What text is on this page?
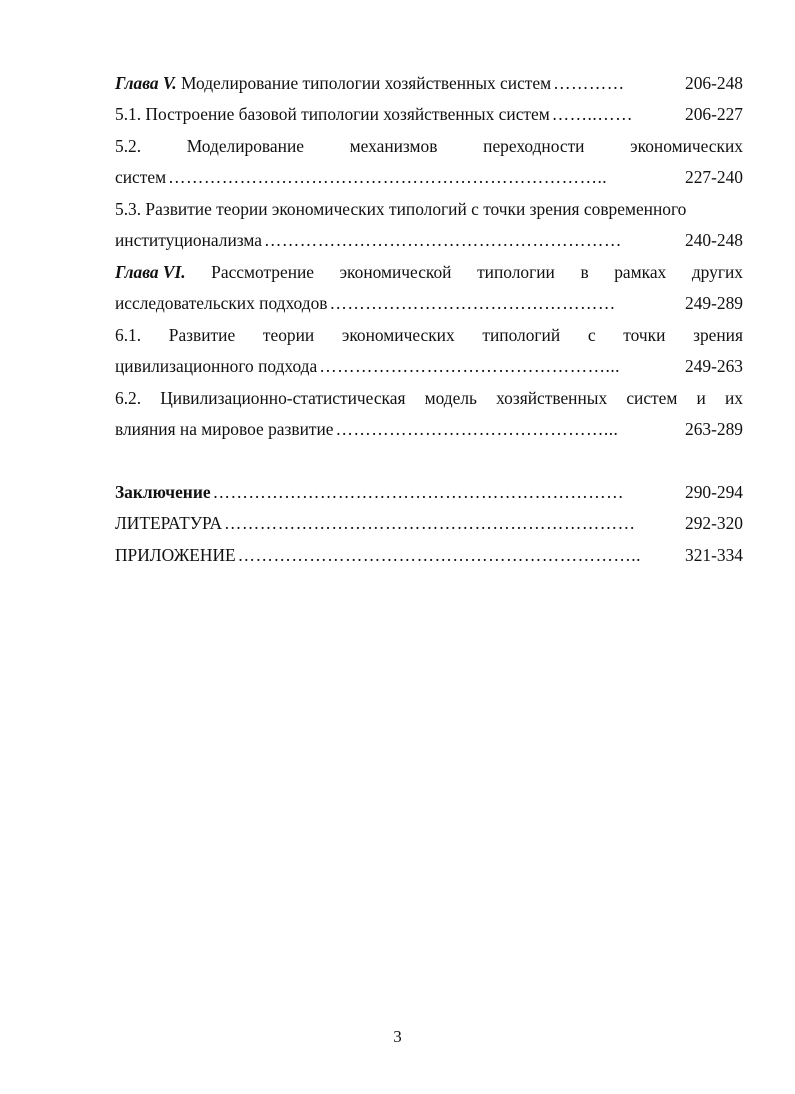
Глава V. Моделирование типологии хозяйственных систем …………	206-248
5.1. Построение базовой типологии хозяйственных систем ……..……	206-227
5.2.	Моделирование	механизмов	переходности	экономических
систем ………………………………………………………………..	227-240
5.3. Развитие теории экономических типологий с точки зрения современного
институционализма ……………………………………………………	240-248
Глава VI. Рассмотрение экономической типологии в рамках других
исследовательских подходов …………………………………………	249-289
6.1. Развитие теории экономических типологий с точки зрения
цивилизационного подхода …………………………………………...	249-263
6.2. Цивилизационно-статистическая модель хозяйственных систем и их
влияния на мировое развитие ………………………………………...	263-289
Заключение ……………………………………………………………	290-294
ЛИТЕРАТУРА ……………………………………………………………	292-320
ПРИЛОЖЕНИЕ …………………………………………………………..	321-334
3
